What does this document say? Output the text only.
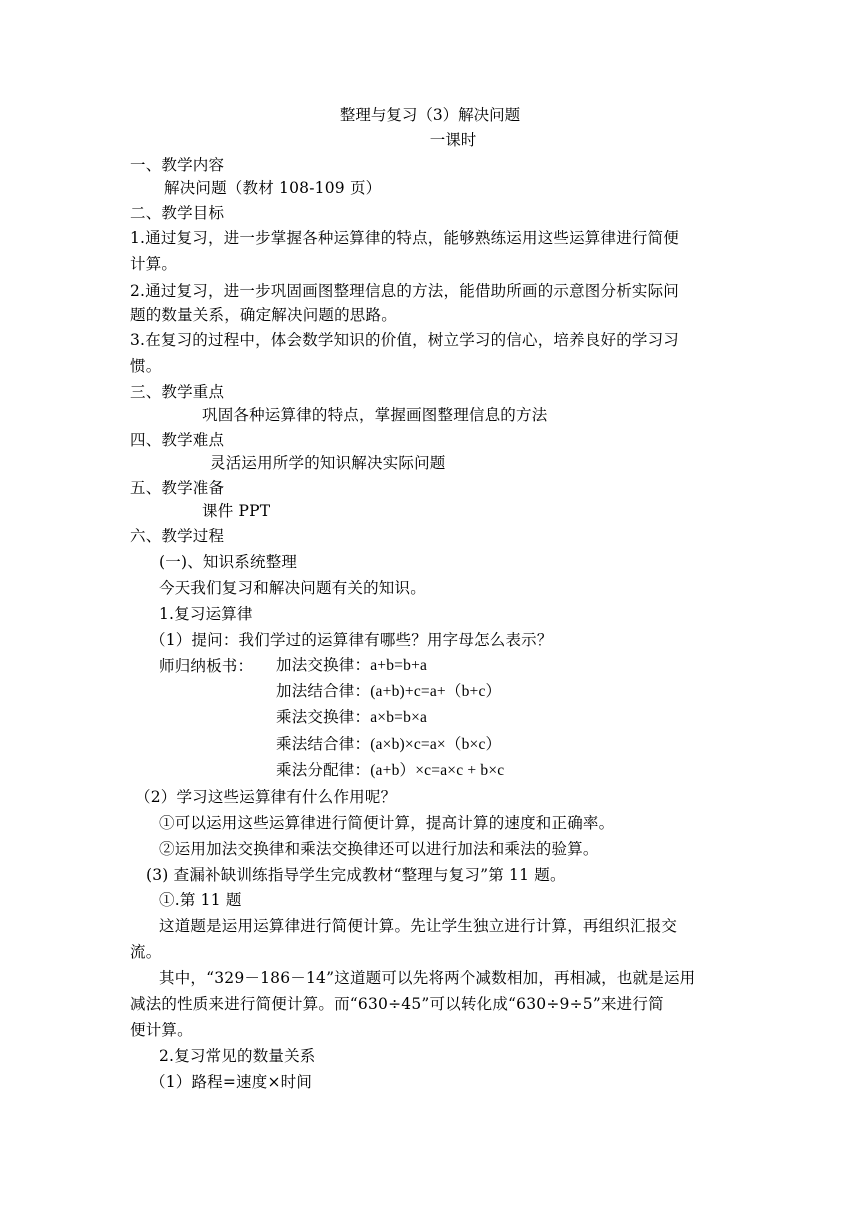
整理与复习（3）解决问题
一课时
一、教学内容
解决问题（教材 108-109 页）
二、教学目标
1.通过复习，进一步掌握各种运算律的特点，能够熟练运用这些运算律进行简便
计算。
2.通过复习，进一步巩固画图整理信息的方法，能借助所画的示意图分析实际问
题的数量关系，确定解决问题的思路。
3.在复习的过程中，体会数学知识的价值，树立学习的信心，培养良好的学习习
惯。
三、教学重点
巩固各种运算律的特点，掌握画图整理信息的方法
四、教学难点
灵活运用所学的知识解决实际问题
五、教学准备
课件 PPT
六、教学过程
(一)、知识系统整理
今天我们复习和解决问题有关的知识。
1.复习运算律
（1）提问：我们学过的运算律有哪些？用字母怎么表示？
师归纳板书： 加法交换律：a+b=b+a
加法结合律：(a+b)+c=a+（b+c）
乘法交换律：a×b=b×a
乘法结合律：(a×b)×c=a×（b×c）
乘法分配律：(a+b）×c=a×c + b×c
（2）学习这些运算律有什么作用呢？
①可以运用这些运算律进行简便计算，提高计算的速度和正确率。
②运用加法交换律和乘法交换律还可以进行加法和乘法的验算。
(3) 查漏补缺训练指导学生完成教材“整理与复习”第 11 题。
①.第 11 题
这道题是运用运算律进行简便计算。先让学生独立进行计算，再组织汇报交
流。
其中，“329－186－14”这道题可以先将两个减数相加，再相减，也就是运用
减法的性质来进行简便计算。而“630÷45”可以转化成“630÷9÷5”来进行简
便计算。
2.复习常见的数量关系
（1）路程=速度×时间
